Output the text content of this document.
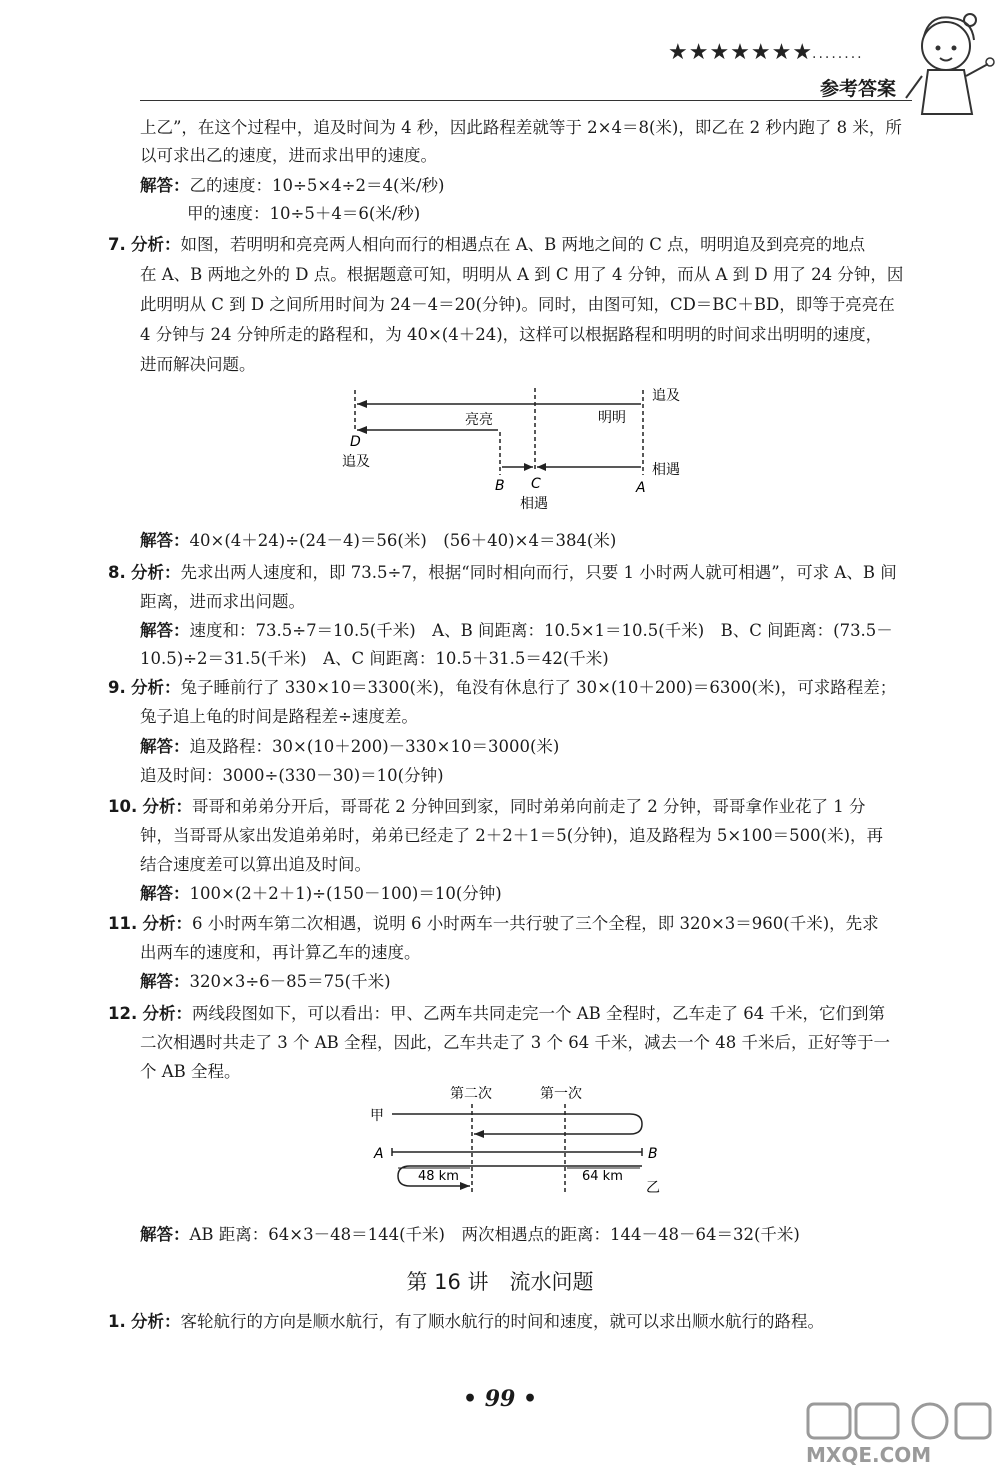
★★★★★★★
........
参考答案
上乙”，在这个过程中，追及时间为 4 秒，因此路程差就等于 2×4＝8(米)，即乙在 2 秒内跑了 8 米，所
以可求出乙的速度，进而求出甲的速度。
解答：乙的速度：10÷5×4÷2＝4(米/秒)
甲的速度：10÷5＋4＝6(米/秒)
7. 分析：如图，若明明和亮亮两人相向而行的相遇点在 A、B 两地之间的 C 点，明明追及到亮亮的地点
在 A、B 两地之外的 D 点。根据题意可知，明明从 A 到 C 用了 4 分钟，而从 A 到 D 用了 24 分钟，因
此明明从 C 到 D 之间所用时间为 24－4＝20(分钟)。同时，由图可知，CD＝BC＋BD，即等于亮亮在
4 分钟与 24 分钟所走的路程和，为 40×(4＋24)，这样可以根据路程和明明的时间求出明明的速度，
进而解决问题。
追及
明明
亮亮
D
追及	相遇
B C	A
相遇
解答：40×(4＋24)÷(24－4)＝56(米)　(56＋40)×4＝384(米)
8. 分析：先求出两人速度和，即 73.5÷7，根据“同时相向而行，只要 1 小时两人就可相遇”，可求 A、B 间
距离，进而求出问题。
解答：速度和：73.5÷7＝10.5(千米)　A、B 间距离：10.5×1＝10.5(千米)　B、C 间距离：(73.5－
10.5)÷2＝31.5(千米)　A、C 间距离：10.5＋31.5＝42(千米)
9. 分析：兔子睡前行了 330×10＝3300(米)，龟没有休息行了 30×(10＋200)＝6300(米)，可求路程差；
兔子追上龟的时间是路程差÷速度差。
解答：追及路程：30×(10＋200)－330×10＝3000(米)
追及时间：3000÷(330－30)＝10(分钟)
10. 分析：哥哥和弟弟分开后，哥哥花 2 分钟回到家，同时弟弟向前走了 2 分钟，哥哥拿作业花了 1 分
钟，当哥哥从家出发追弟弟时，弟弟已经走了 2＋2＋1＝5(分钟)，追及路程为 5×100＝500(米)，再
结合速度差可以算出追及时间。
解答：100×(2＋2＋1)÷(150－100)＝10(分钟)
11. 分析：6 小时两车第二次相遇，说明 6 小时两车一共行驶了三个全程，即 320×3＝960(千米)，先求
出两车的速度和，再计算乙车的速度。
解答：320×3÷6－85＝75(千米)
12. 分析：两线段图如下，可以看出：甲、乙两车共同走完一个 AB 全程时，乙车走了 64 千米，它们到第
二次相遇时共走了 3 个 AB 全程，因此，乙车共走了 3 个 64 千米，减去一个 48 千米后，正好等于一
个 AB 全程。
第二次	第一次
甲
A	B
48 km	64 km
乙
解答：AB 距离：64×3－48＝144(千米)　两次相遇点的距离：144－48－64＝32(千米)
第 16 讲　流水问题
1. 分析：客轮航行的方向是顺水航行，有了顺水航行的时间和速度，就可以求出顺水航行的路程。
• 99 •
MXQE.COM
